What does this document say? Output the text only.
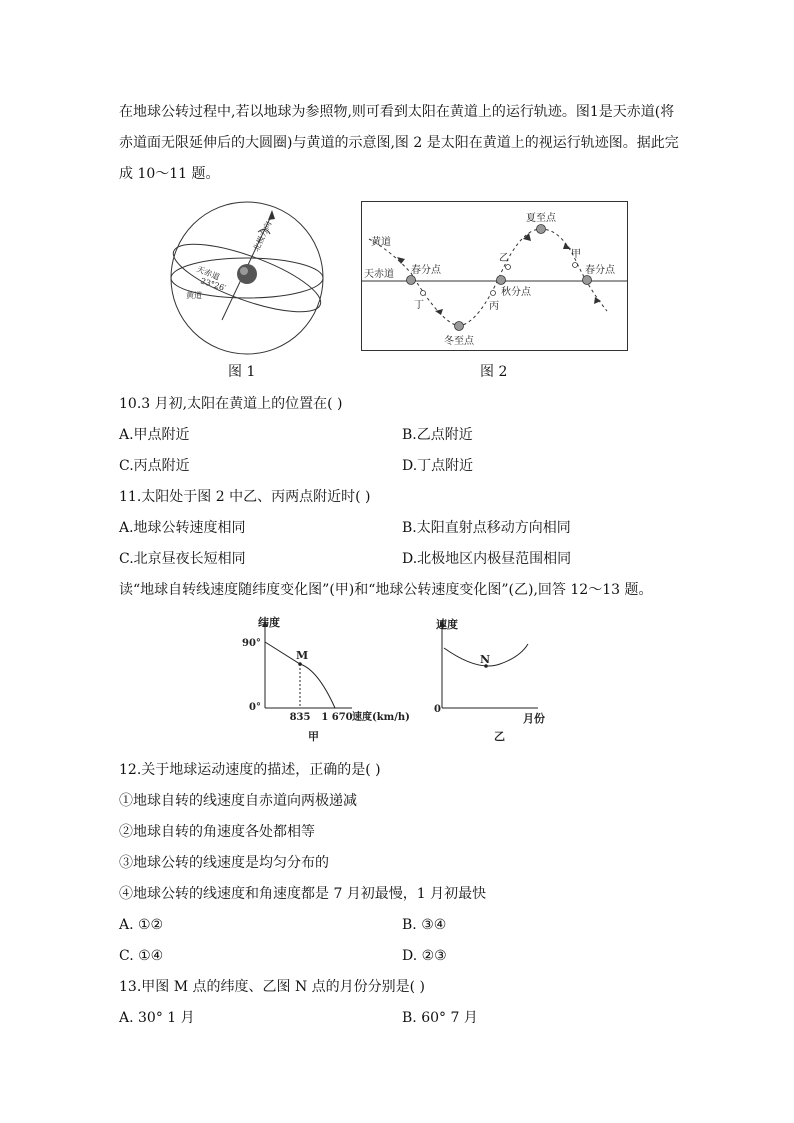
在地球公转过程中,若以地球为参照物,则可看到太阳在黄道上的运行轨迹。图1是天赤道(将赤道面无限延伸后的大圆圈)与黄道的示意图,图 2 是太阳在黄道上的视运行轨迹图。据此完成 10～11 题。
天赤道
23°26′
黄道
北极方向
图 1
黄道
天赤道 春分点
夏至点
秋分点
冬至点
春分点
甲
乙
丙
丁
图 2
10.3 月初,太阳在黄道上的位置在( )
A.甲点附近	B.乙点附近
C.丙点附近	D.丁点附近
11.太阳处于图 2 中乙、丙两点附近时( )
A.地球公转速度相同	B.太阳直射点移动方向相同
C.北京昼夜长短相同	D.北极地区内极昼范围相同
读“地球自转线速度随纬度变化图”(甲)和“地球公转速度变化图”(乙),回答 12～13 题。
纬度
90°
0°
M
835 1 670 速度(km/h)
甲
速度
0
N
月份
乙
12.关于地球运动速度的描述，正确的是( )
①地球自转的线速度自赤道向两极递减
②地球自转的角速度各处都相等
③地球公转的线速度是均匀分布的
④地球公转的线速度和角速度都是 7 月初最慢，1 月初最快
A. ①②	B. ③④
C. ①④	D. ②③
13.甲图 M 点的纬度、乙图 N 点的月份分别是( )
A. 30° 1 月	B. 60° 7 月
